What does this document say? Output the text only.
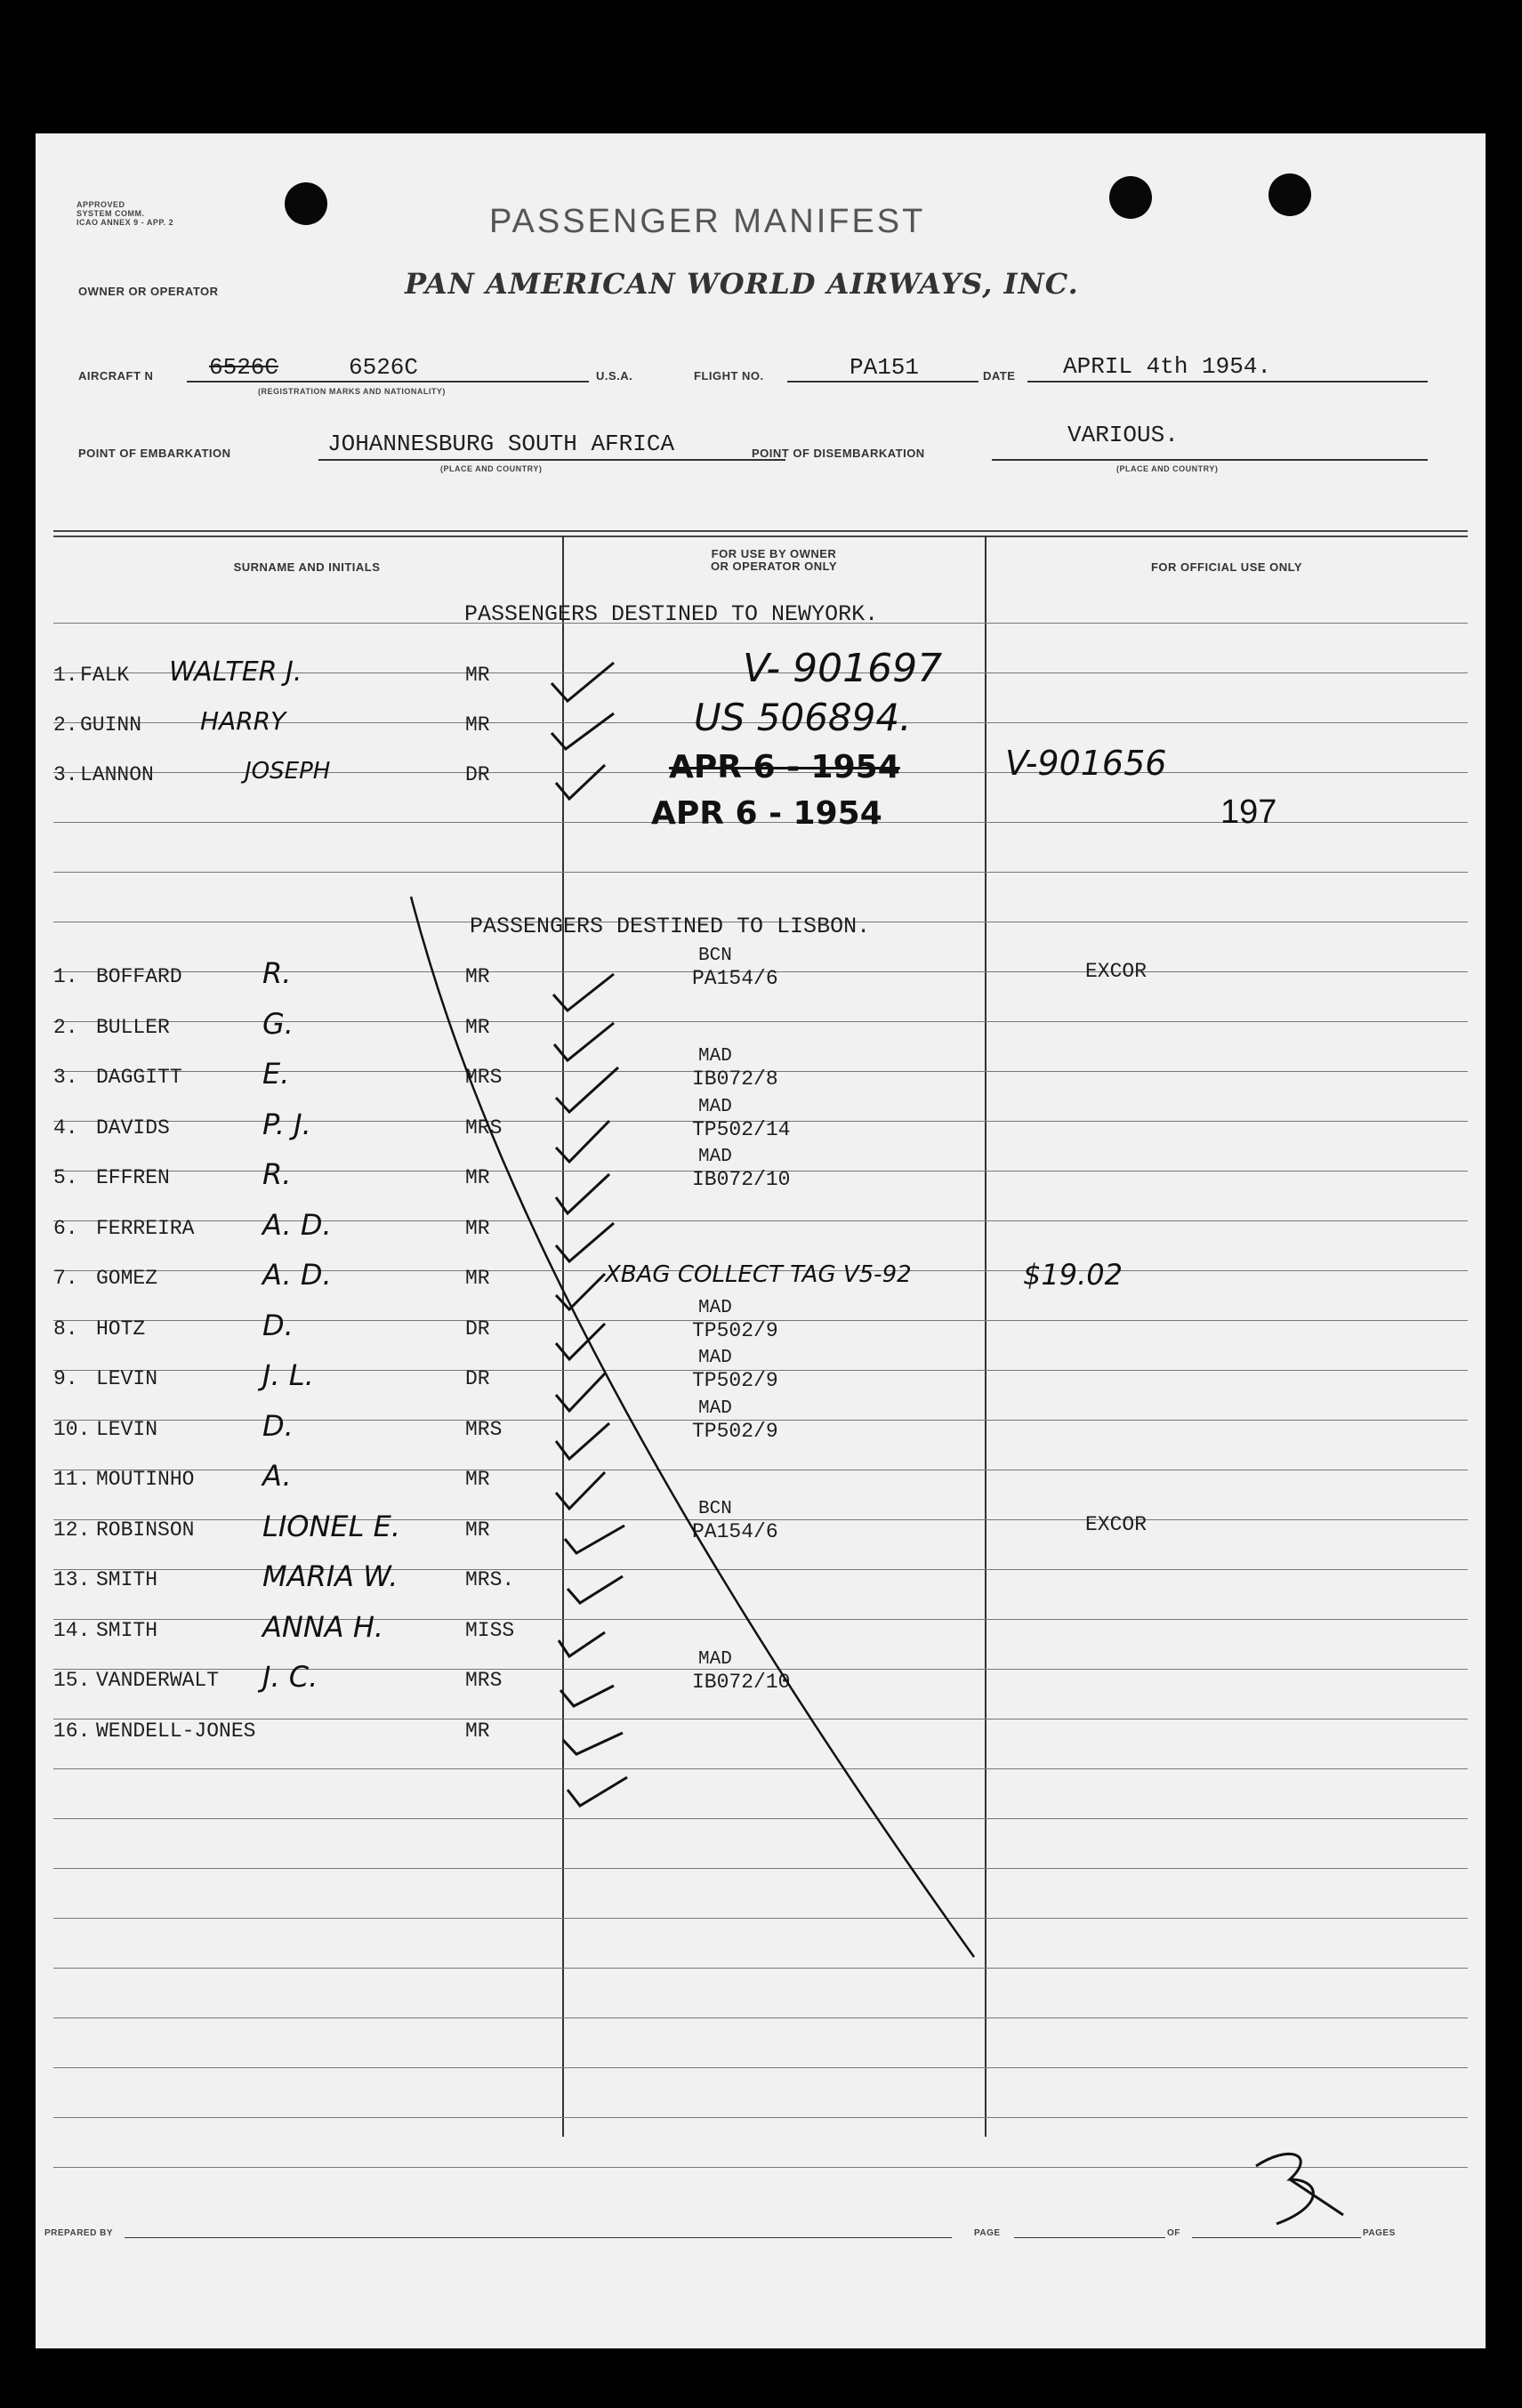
APPROVED
SYSTEM COMM.
ICAO ANNEX 9 - APP. 2	PASSENGER MANIFEST
OWNER OR OPERATOR	PAN AMERICAN WORLD AIRWAYS, INC.
AIRCRAFT N 6526C	6526C
(REGISTRATION MARKS AND NATIONALITY)
U.S.A.	FLIGHT NO.	PA151	DATE APRIL 4th 1954.
POINT OF EMBARKATION	JOHANNESBURG SOUTH AFRICA
(PLACE AND COUNTRY)
POINT OF DISEMBARKATION
VARIOUS.
(PLACE AND COUNTRY)
SURNAME AND INITIALS
FOR USE BY OWNER
OR OPERATOR ONLY	FOR OFFICIAL USE ONLY
PASSENGERS DESTINED TO NEWYORK.
1. FALK WALTER J.	MR	V- 901697
2. GUINN HARRY	MR	US 506894.
3. LANNON	JOSEPH	DR	APR 6 - 1954	V-901656
APR 6 - 1954	197
PASSENGERS DESTINED TO LISBON.
1. BOFFARD	R.	MR
BCN
PA154/6	EXCOR
2. BULLER	G.	MR
3. DAGGITT	E.	MRS
MAD
IB072/8
4. DAVIDS	P. J.	MRS
MAD
TP502/14
5. EFFREN	R.	MR
MAD
IB072/10
6. FERREIRA A. D.	MR
7. GOMEZ	A. D.	MR	XBAG COLLECT TAG V5-92	$19.02
8. HOTZ	D.	DR
MAD
TP502/9
9. LEVIN	J. L.	DR
MAD
TP502/9
10. LEVIN	D.	MRS
MAD
TP502/9
11. MOUTINHO A.	MR
12. ROBINSON LIONEL E.	MR
BCN
PA154/6	EXCOR
13. SMITH	MARIA W.	MRS.
14. SMITH	ANNA H.	MISS
15. VANDERWALT J. C.	MRS
MAD
IB072/10
16. WENDELL-JONES	MR
PREPARED BY	PAGE	OF	PAGES
